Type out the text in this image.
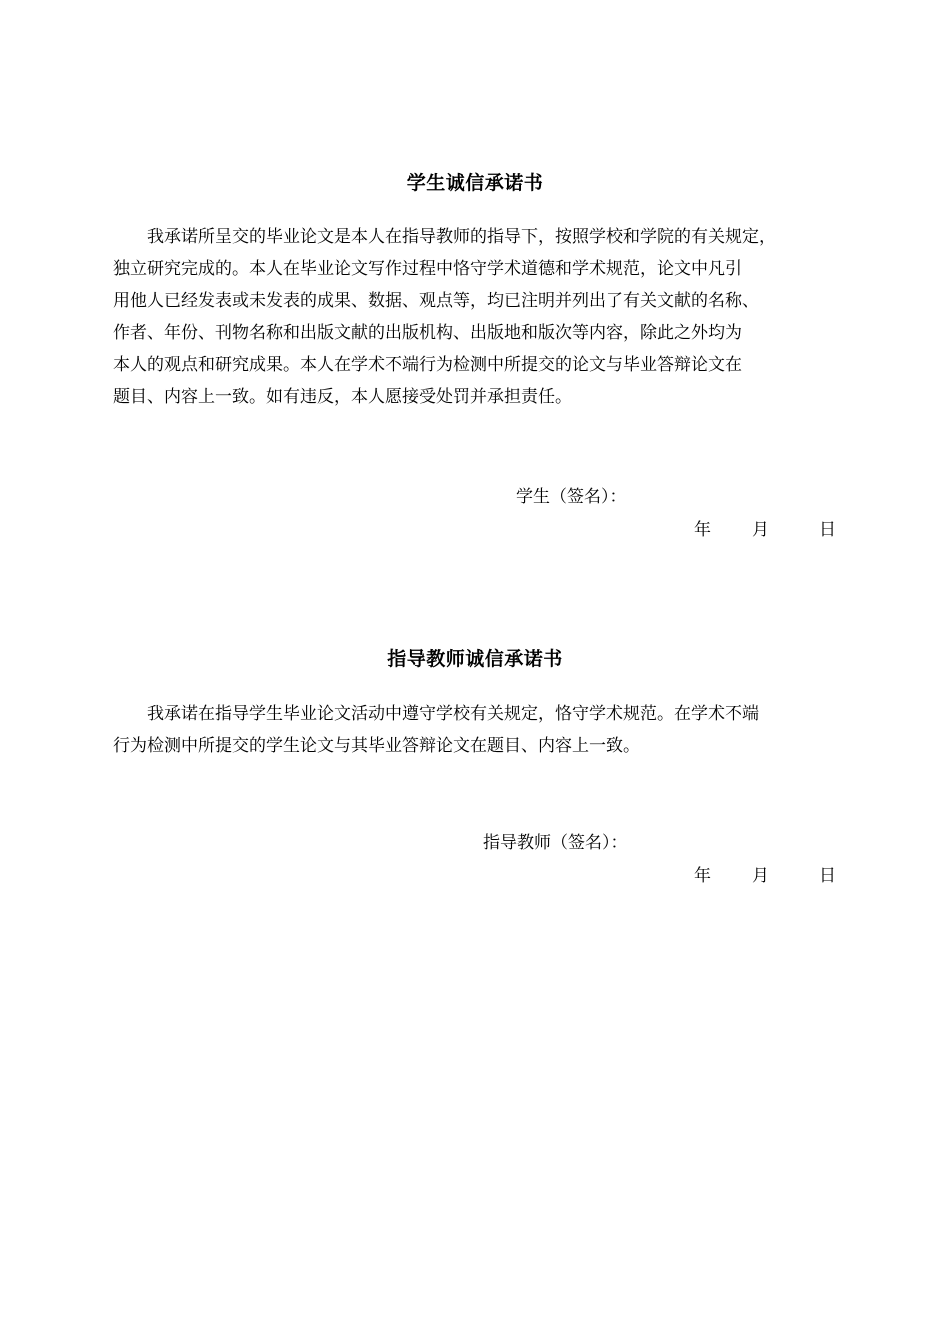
学生诚信承诺书
　　我承诺所呈交的毕业论文是本人在指导教师的指导下，按照学校和学院的有关规定，
独立研究完成的。本人在毕业论文写作过程中恪守学术道德和学术规范，论文中凡引
用他人已经发表或未发表的成果、数据、观点等，均已注明并列出了有关文献的名称、
作者、年份、刊物名称和出版文献的出版机构、出版地和版次等内容，除此之外均为
本人的观点和研究成果。本人在学术不端行为检测中所提交的论文与毕业答辩论文在
题目、内容上一致。如有违反，本人愿接受处罚并承担责任。
学生（签名）：
年 月	日
指导教师诚信承诺书
　　我承诺在指导学生毕业论文活动中遵守学校有关规定，恪守学术规范。在学术不端
行为检测中所提交的学生论文与其毕业答辩论文在题目、内容上一致。
指导教师（签名）：
年 月	日
